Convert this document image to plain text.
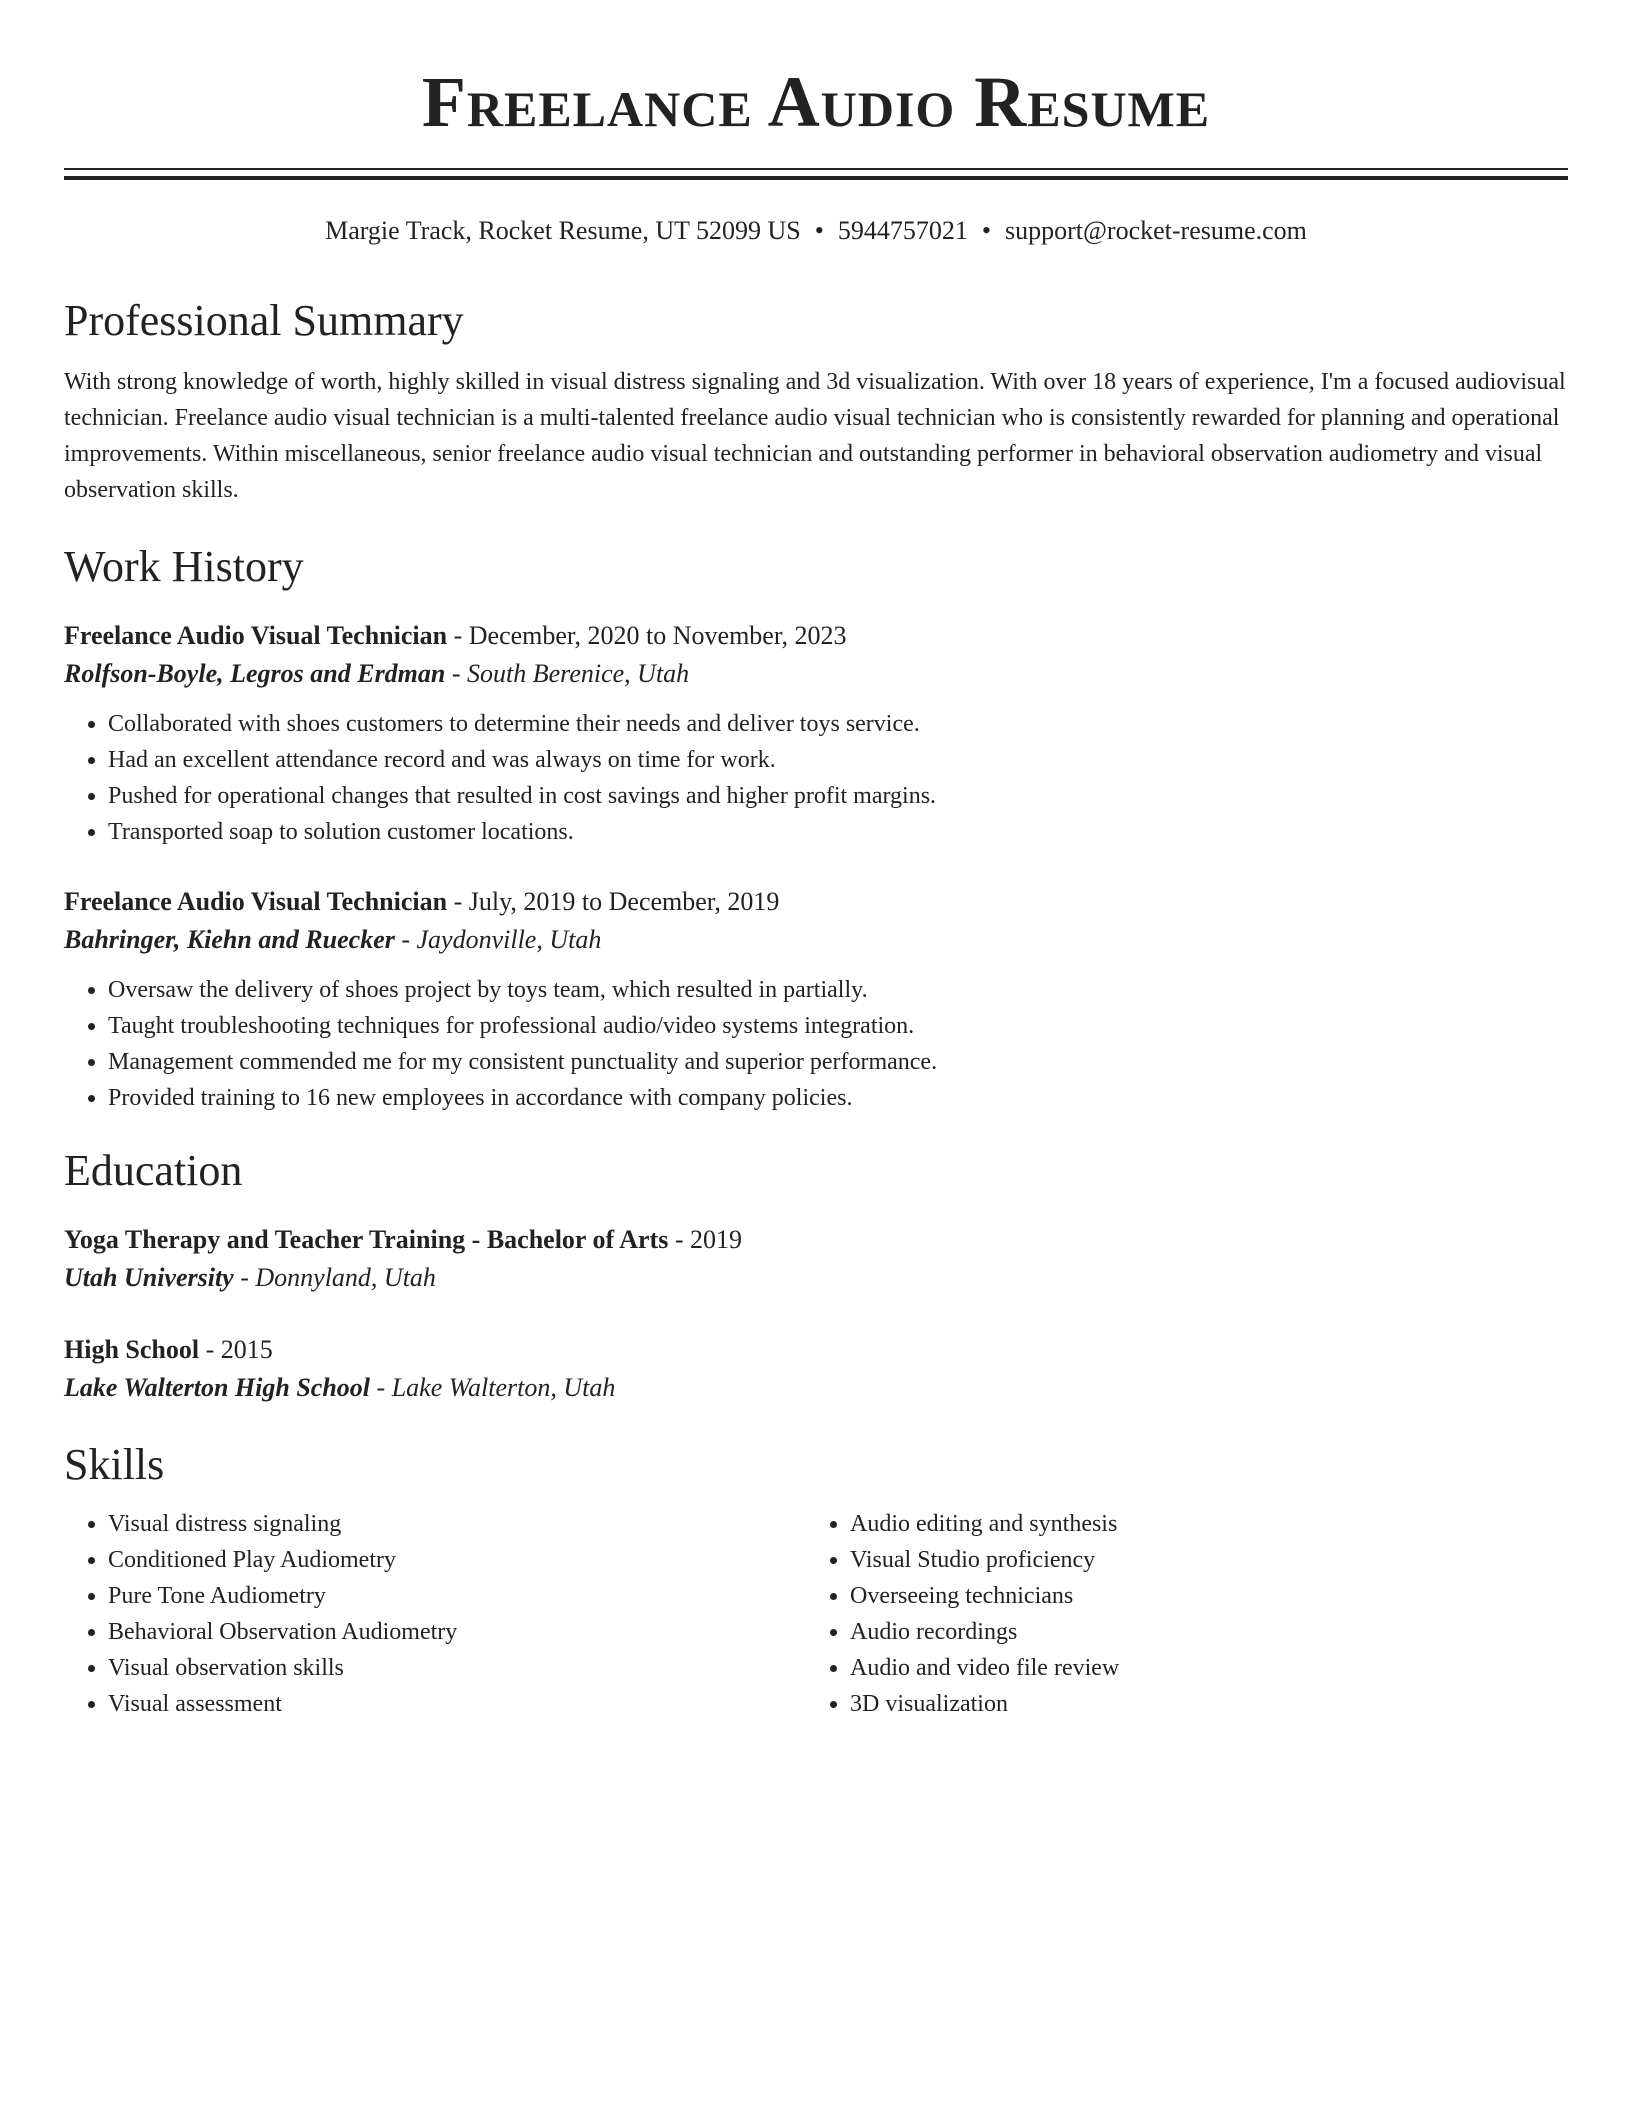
Freelance Audio Resume
Margie Track, Rocket Resume, UT 52099 US • 5944757021 • support@rocket-resume.com
Professional Summary
With strong knowledge of worth, highly skilled in visual distress signaling and 3d visualization. With over 18 years of experience, I'm a focused audiovisual technician. Freelance audio visual technician is a multi-talented freelance audio visual technician who is consistently rewarded for planning and operational improvements. Within miscellaneous, senior freelance audio visual technician and outstanding performer in behavioral observation audiometry and visual observation skills.
Work History
Freelance Audio Visual Technician - December, 2020 to November, 2023
Rolfson-Boyle, Legros and Erdman - South Berenice, Utah
• Collaborated with shoes customers to determine their needs and deliver toys service.
• Had an excellent attendance record and was always on time for work.
• Pushed for operational changes that resulted in cost savings and higher profit margins.
• Transported soap to solution customer locations.
Freelance Audio Visual Technician - July, 2019 to December, 2019
Bahringer, Kiehn and Ruecker - Jaydonville, Utah
• Oversaw the delivery of shoes project by toys team, which resulted in partially.
• Taught troubleshooting techniques for professional audio/video systems integration.
• Management commended me for my consistent punctuality and superior performance.
• Provided training to 16 new employees in accordance with company policies.
Education
Yoga Therapy and Teacher Training - Bachelor of Arts - 2019
Utah University - Donnyland, Utah
High School - 2015
Lake Walterton High School - Lake Walterton, Utah
Skills
• Visual distress signaling
• Conditioned Play Audiometry
• Pure Tone Audiometry
• Behavioral Observation Audiometry
• Visual observation skills
• Visual assessment
• Audio editing and synthesis
• Visual Studio proficiency
• Overseeing technicians
• Audio recordings
• Audio and video file review
• 3D visualization
